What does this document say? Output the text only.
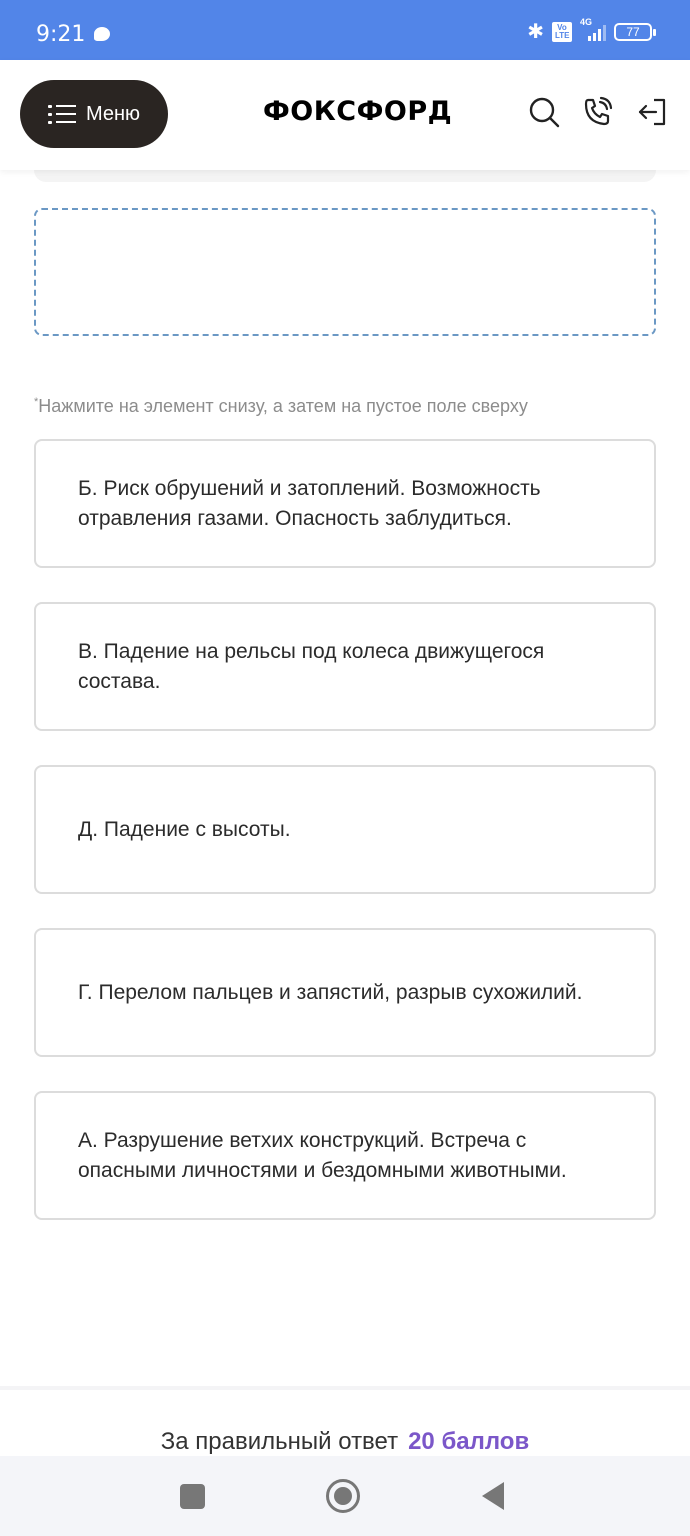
9:21	✱	Vo LTE
4G
77
Меню	ФОКСФОРД
*Нажмите на элемент снизу, а затем на пустое поле сверху
Б. Риск обрушений и затоплений. Возможность отравления газами. Опасность заблудиться.
В. Падение на рельсы под колеса движущегося состава.
Д. Падение с высоты.
Г. Перелом пальцев и запястий, разрыв сухожилий.
А. Разрушение ветхих конструкций. Встреча с опасными личностями и бездомными животными.
За правильный ответ 20 баллов
